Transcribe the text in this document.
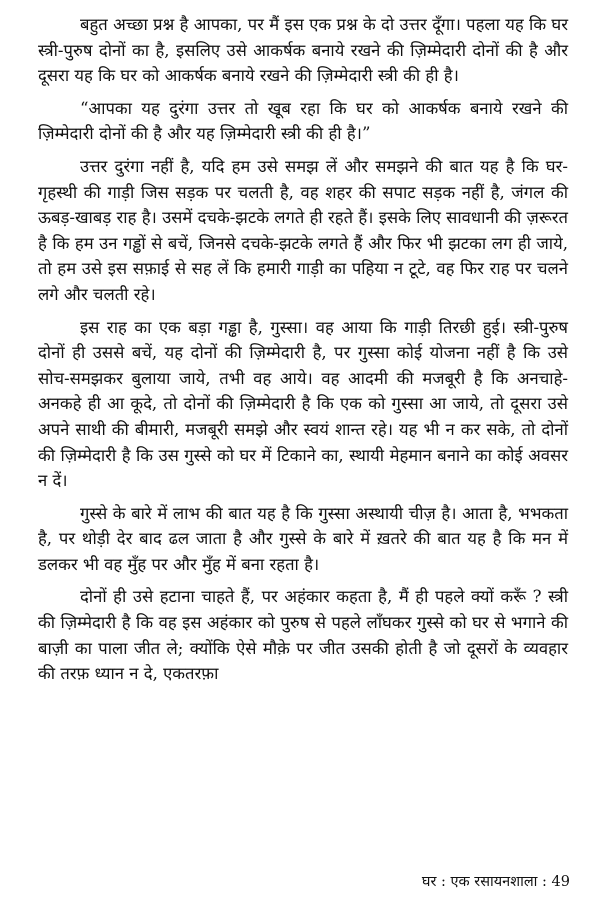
बहुत अच्छा प्रश्न है आपका, पर मैं इस एक प्रश्न के दो उत्तर दूँगा। पहला यह कि घर स्त्री-पुरुष दोनों का है, इसलिए उसे आकर्षक बनाये रखने की ज़िम्मेदारी दोनों की है और दूसरा यह कि घर को आकर्षक बनाये रखने की ज़िम्मेदारी स्त्री की ही है।

“आपका यह दुरंगा उत्तर तो खूब रहा कि घर को आकर्षक बनाये रखने की ज़िम्मेदारी दोनों की है और यह ज़िम्मेदारी स्त्री की ही है।”

उत्तर दुरंगा नहीं है, यदि हम उसे समझ लें और समझने की बात यह है कि घर-गृहस्थी की गाड़ी जिस सड़क पर चलती है, वह शहर की सपाट सड़क नहीं है, जंगल की ऊबड़-खाबड़ राह है। उसमें दचके-झटके लगते ही रहते हैं। इसके लिए सावधानी की ज़रूरत है कि हम उन गड्ढों से बचें, जिनसे दचके-झटके लगते हैं और फिर भी झटका लग ही जाये, तो हम उसे इस सफ़ाई से सह लें कि हमारी गाड़ी का पहिया न टूटे, वह फिर राह पर चलने लगे और चलती रहे।

इस राह का एक बड़ा गड्ढा है, गुस्सा। वह आया कि गाड़ी तिरछी हुई। स्त्री-पुरुष दोनों ही उससे बचें, यह दोनों की ज़िम्मेदारी है, पर गुस्सा कोई योजना नहीं है कि उसे सोच-समझकर बुलाया जाये, तभी वह आये। वह आदमी की मजबूरी है कि अनचाहे-अनकहे ही आ कूदे, तो दोनों की ज़िम्मेदारी है कि एक को गुस्सा आ जाये, तो दूसरा उसे अपने साथी की बीमारी, मजबूरी समझे और स्वयं शान्त रहे। यह भी न कर सके, तो दोनों की ज़िम्मेदारी है कि उस गुस्से को घर में टिकाने का, स्थायी मेहमान बनाने का कोई अवसर न दें।

गुस्से के बारे में लाभ की बात यह है कि गुस्सा अस्थायी चीज़ है। आता है, भभकता है, पर थोड़ी देर बाद ढल जाता है और गुस्से के बारे में ख़तरे की बात यह है कि मन में डलकर भी वह मुँह पर और मुँह में बना रहता है।

दोनों ही उसे हटाना चाहते हैं, पर अहंकार कहता है, मैं ही पहले क्यों करूँ ? स्त्री की ज़िम्मेदारी है कि वह इस अहंकार को पुरुष से पहले लाँघकर गुस्से को घर से भगाने की बाज़ी का पाला जीत ले; क्योंकि ऐसे मौक़े पर जीत उसकी होती है जो दूसरों के व्यवहार की तरफ़ ध्यान न दे, एकतरफ़ा

घर : एक रसायनशाला : 49
